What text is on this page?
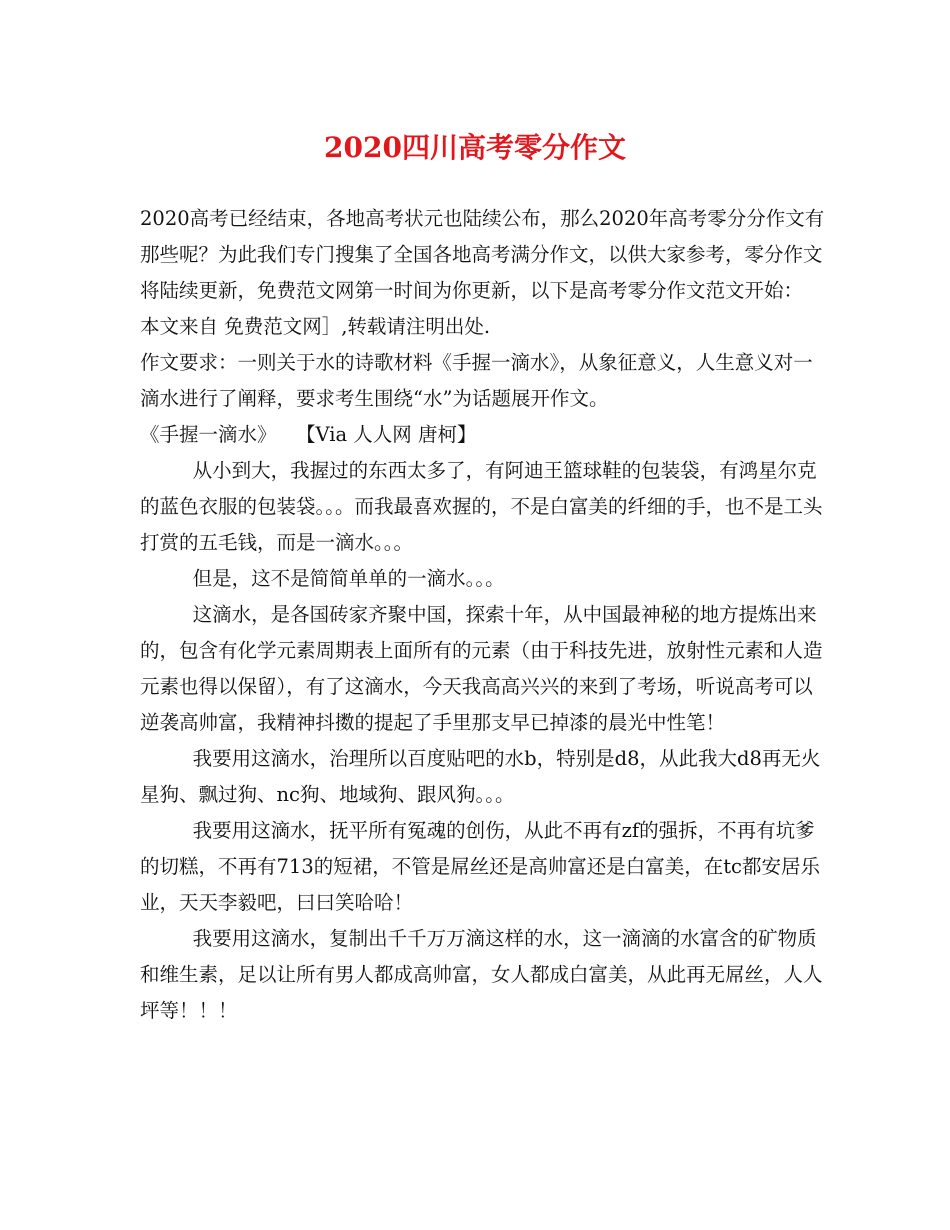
2020四川高考零分作文

2020高考已经结束，各地高考状元也陆续公布，那么2020年高考零分分作文有那些呢？为此我们专门搜集了全国各地高考满分作文，以供大家参考，零分作文将陆续更新，免费范文网第一时间为你更新，以下是高考零分作文范文开始：

本文来自 免费范文网］,转载请注明出处.

作文要求：一则关于水的诗歌材料《手握一滴水》，从象征意义，人生意义对一滴水进行了阐释，要求考生围绕“水”为话题展开作文。

《手握一滴水》　　【Via 人人网 唐柯】

从小到大，我握过的东西太多了，有阿迪王篮球鞋的包装袋，有鸿星尔克的蓝色衣服的包装袋。。。而我最喜欢握的，不是白富美的纤细的手，也不是工头打赏的五毛钱，而是一滴水。。。

但是，这不是简简单单的一滴水。。。

这滴水，是各国砖家齐聚中国，探索十年，从中国最神秘的地方提炼出来的，包含有化学元素周期表上面所有的元素（由于科技先进，放射性元素和人造元素也得以保留），有了这滴水，今天我高高兴兴的来到了考场，听说高考可以逆袭高帅富，我精神抖擞的提起了手里那支早已掉漆的晨光中性笔！

我要用这滴水，治理所以百度贴吧的水b，特别是d8，从此我大d8再无火星狗、飘过狗、nc狗、地域狗、跟风狗。。。

我要用这滴水，抚平所有冤魂的创伤，从此不再有zf的强拆，不再有坑爹的切糕，不再有713的短裙，不管是屌丝还是高帅富还是白富美，在tc都安居乐业，天天李毅吧，曰曰笑哈哈！

我要用这滴水，复制出千千万万滴这样的水，这一滴滴的水富含的矿物质和维生素，足以让所有男人都成高帅富，女人都成白富美，从此再无屌丝，人人坪等！！！
